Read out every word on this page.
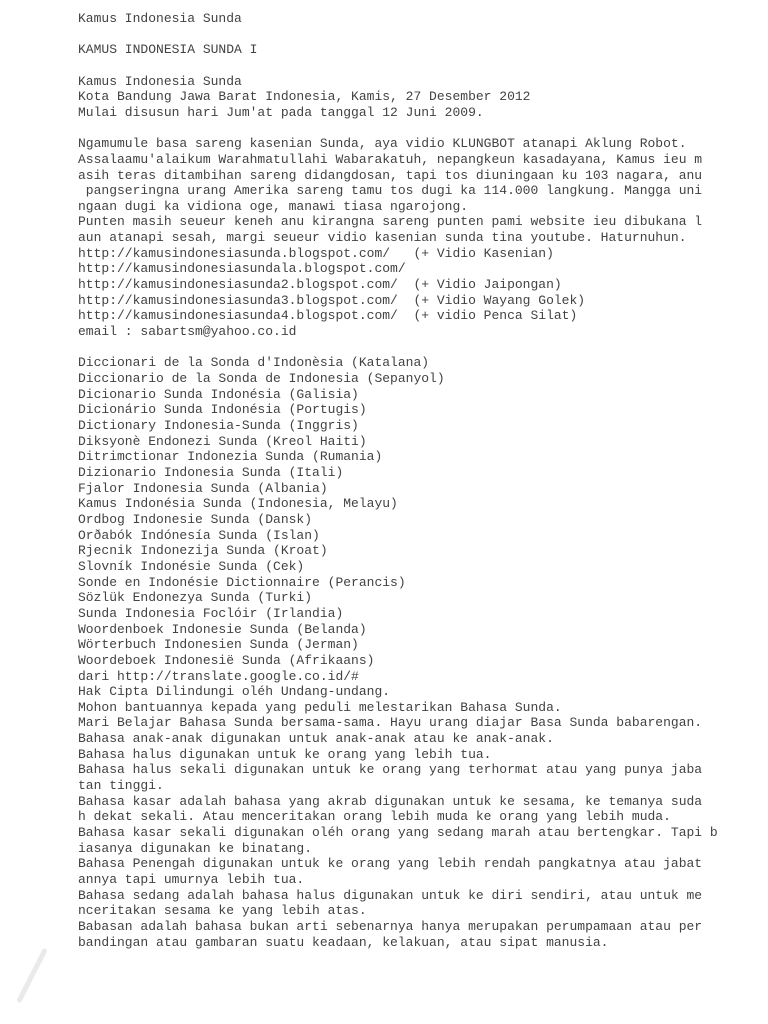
Kamus Indonesia Sunda
KAMUS INDONESIA SUNDA I
Kamus Indonesia Sunda
Kota Bandung Jawa Barat Indonesia, Kamis, 27 Desember 2012
Mulai disusun hari Jum'at pada tanggal 12 Juni 2009.
Ngamumule basa sareng kasenian Sunda, aya vidio KLUNGBOT atanapi Aklung Robot.
Assalaamu'alaikum Warahmatullahi Wabarakatuh, nepangkeun kasadayana, Kamus ieu m
asih teras ditambihan sareng didangdosan, tapi tos diuningaan ku 103 nagara, anu
pangseringna urang Amerika sareng tamu tos dugi ka 114.000 langkung. Mangga uni
ngaan dugi ka vidiona oge, manawi tiasa ngarojong.
Punten masih seueur keneh anu kirangna sareng punten pami website ieu dibukana l
aun atanapi sesah, margi seueur vidio kasenian sunda tina youtube. Haturnuhun.
http://kamusindonesiasunda.blogspot.com/   (+ Vidio Kasenian)
http://kamusindonesiasundala.blogspot.com/
http://kamusindonesiasunda2.blogspot.com/  (+ Vidio Jaipongan)
http://kamusindonesiasunda3.blogspot.com/  (+ Vidio Wayang Golek)
http://kamusindonesiasunda4.blogspot.com/  (+ vidio Penca Silat)
email : sabartsm@yahoo.co.id
Diccionari de la Sonda d'Indonèsia (Katalana)
Diccionario de la Sonda de Indonesia (Sepanyol)
Dicionario Sunda Indonésia (Galisia)
Dicionário Sunda Indonésia (Portugis)
Dictionary Indonesia-Sunda (Inggris)
Diksyonè Endonezi Sunda (Kreol Haiti)
Ditrimctionar Indonezia Sunda (Rumania)
Dizionario Indonesia Sunda (Itali)
Fjalor Indonesia Sunda (Albania)
Kamus Indonésia Sunda (Indonesia, Melayu)
Ordbog Indonesie Sunda (Dansk)
Orðabók Indónesía Sunda (Islan)
Rjecnik Indonezija Sunda (Kroat)
Slovník Indonésie Sunda (Cek)
Sonde en Indonésie Dictionnaire (Perancis)
Sözlük Endonezya Sunda (Turki)
Sunda Indonesia Foclóir (Irlandia)
Woordenboek Indonesie Sunda (Belanda)
Wörterbuch Indonesien Sunda (Jerman)
Woordeboek Indonesië Sunda (Afrikaans)
dari http://translate.google.co.id/#
Hak Cipta Dilindungi oléh Undang-undang.
Mohon bantuannya kepada yang peduli melestarikan Bahasa Sunda.
Mari Belajar Bahasa Sunda bersama-sama. Hayu urang diajar Basa Sunda babarengan.
Bahasa anak-anak digunakan untuk anak-anak atau ke anak-anak.
Bahasa halus digunakan untuk ke orang yang lebih tua.
Bahasa halus sekali digunakan untuk ke orang yang terhormat atau yang punya jaba
tan tinggi.
Bahasa kasar adalah bahasa yang akrab digunakan untuk ke sesama, ke temanya suda
h dekat sekali. Atau menceritakan orang lebih muda ke orang yang lebih muda.
Bahasa kasar sekali digunakan oléh orang yang sedang marah atau bertengkar. Tapi b
iasanya digunakan ke binatang.
Bahasa Penengah digunakan untuk ke orang yang lebih rendah pangkatnya atau jabat
annya tapi umurnya lebih tua.
Bahasa sedang adalah bahasa halus digunakan untuk ke diri sendiri, atau untuk me
nceritakan sesama ke yang lebih atas.
Babasan adalah bahasa bukan arti sebenarnya hanya merupakan perumpamaan atau per
bandingan atau gambaran suatu keadaan, kelakuan, atau sipat manusia.
